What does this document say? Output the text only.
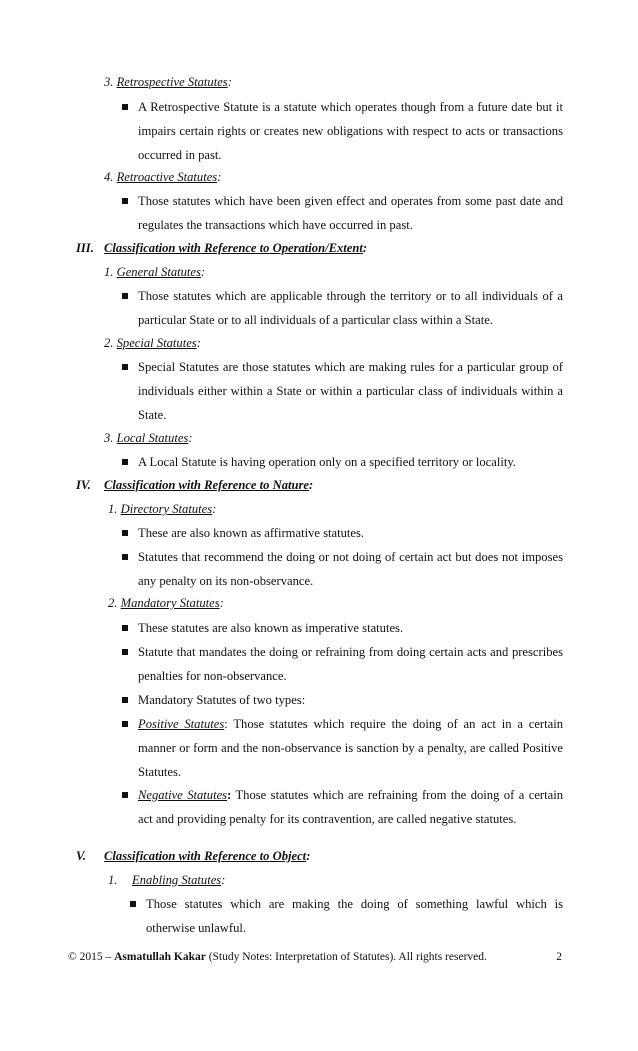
3. Retrospective Statutes:
A Retrospective Statute is a statute which operates though from a future date but it impairs certain rights or creates new obligations with respect to acts or transactions occurred in past.
4. Retroactive Statutes:
Those statutes which have been given effect and operates from some past date and regulates the transactions which have occurred in past.
III. Classification with Reference to Operation/Extent:
1. General Statutes:
Those statutes which are applicable through the territory or to all individuals of a particular State or to all individuals of a particular class within a State.
2. Special Statutes:
Special Statutes are those statutes which are making rules for a particular group of individuals either within a State or within a particular class of individuals within a State.
3. Local Statutes:
A Local Statute is having operation only on a specified territory or locality.
IV. Classification with Reference to Nature:
1. Directory Statutes:
These are also known as affirmative statutes.
Statutes that recommend the doing or not doing of certain act but does not imposes any penalty on its non-observance.
2. Mandatory Statutes:
These statutes are also known as imperative statutes.
Statute that mandates the doing or refraining from doing certain acts and prescribes penalties for non-observance.
Mandatory Statutes of two types:
Positive Statutes: Those statutes which require the doing of an act in a certain manner or form and the non-observance is sanction by a penalty, are called Positive Statutes.
Negative Statutes: Those statutes which are refraining from the doing of a certain act and providing penalty for its contravention, are called negative statutes.
V. Classification with Reference to Object:
1. Enabling Statutes:
Those statutes which are making the doing of something lawful which is otherwise unlawful.
© 2015 – Asmatullah Kakar (Study Notes: Interpretation of Statutes). All rights reserved.	2
